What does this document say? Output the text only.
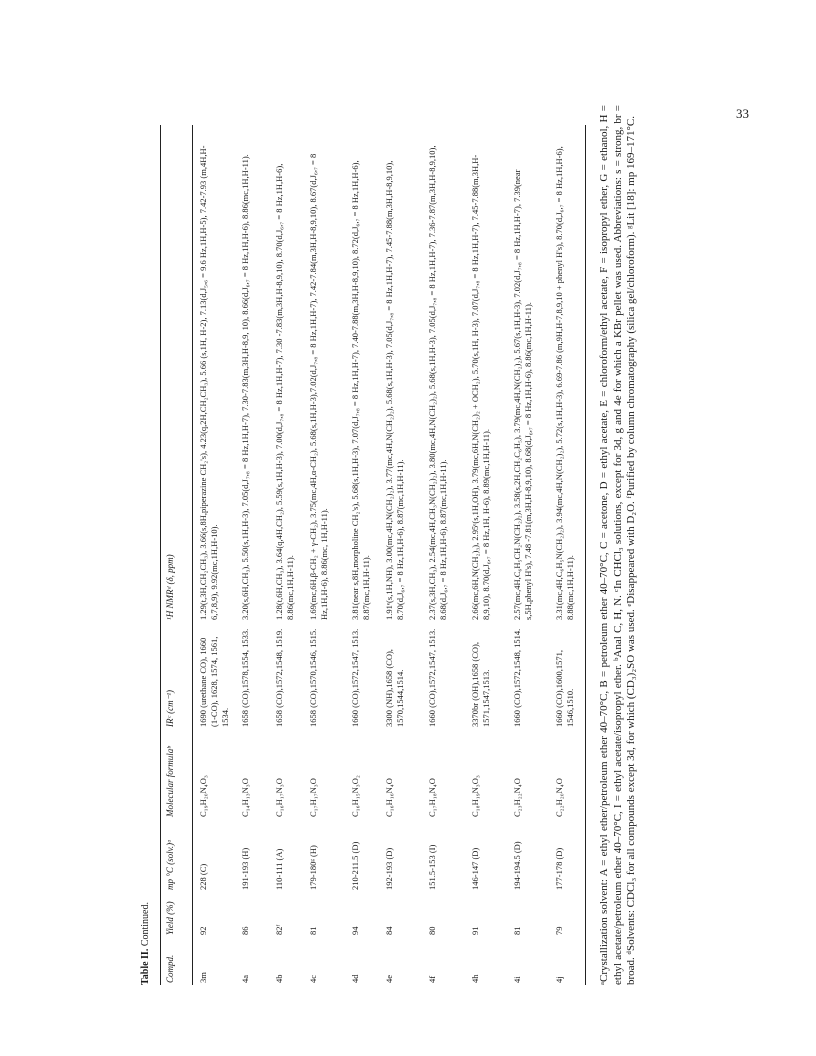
33
Table II. Continued.
Compd.
Yield (%)
mp °C (solv.)ᵃ
Molecular formulaᵇ
IRᶜ (cm⁻¹)
¹H NMRᵈ (δ, ppm)
3m
92
228 (C)
C₁₉H₂₀N₄O₃
1690 (urethane CO), 1660 (1-CO), 1628, 1574, 1561, 1534.
1.29(t,3H,CH₂CH₃), 3.66(s,8H,piperazine CH₂'s), 4.23(q,2H,CH₂CH₃), 5.66 (s,1H, H-2), 7.13(d,J₅,₆ = 9.6 Hz,1H,H-5), 7.42-7.93 (m,4H,H-6,7,8,9), 9.92(mc,1H,H-10).
4a
86
191-193 (H)
C₁₄H₁₃N₃O
1658 (CO),1578,1554, 1533.
3.20(s,6H,CH₃), 5.50(s,1H,H-3), 7.05(d,J₇,₈ = 8 Hz,1H,H-7), 7.30-7.83(m,3H,H-8,9, 10), 8.66(d,J₆,₇ = 8 Hz,1H,H-6), 8.86(mc,1H,H-11).
4b
82ᶠ
110-111 (A)
C₁₆H₁₇N₃O
1658 (CO),1572,1548, 1519.
1.28(t,6H,CH₃), 3.64(q,4H,CH₂), 5.59(s,1H,H-3), 7.00(d,J₇,₈ = 8 Hz,1H,H-7), 7.30 -7.83(m,3H,H-8,9,10), 8.70(d,J₆,₇ = 8 Hz,1H,H-6), 8.86(mc,1H,H-11).
4c
81
179-180ᵍ (H)
C₁₇H₁₇N₃O
1658 (CO),1570,1546, 1515.
1.69(mc,6H,β-CH₂ + γ-CH₂), 3.75(mc,4H,α-CH₂), 5.68(s,1H,H-3),7.02(d,J₇,₈ = 8 Hz,1H,H-7), 7.42-7.84(m,3H,H-8,9,10), 8.67(d,J₆,₇ = 8 Hz,1H,H-6), 8.86(mc, 1H,H-11).
4d
94
210-211.5 (D)
C₁₆H₁₅N₃O₂
1660 (CO),1572,1547, 1513.
3.81(near s,8H,morpholine CH₂'s), 5.68(s,1H,H-3), 7.07(d,J₇,₈ = 8 Hz,1H,H-7), 7.40-7.88(m,3H,H-8,9,10), 8.72(d,J₆,₇ = 8 Hz,1H,H-6), 8.87(mc,1H,H-11).
4e
84
192-193 (D)
C₁₆H₁₆N₄O
3300 (NH),1658 (CO), 1570,1544,1514.
1.91ᵉ(s,1H,NH), 3.00(mc,4H,N(CH₂)₂), 3.77(mc,4H,N(CH₂)₂), 5.68(s,1H,H-3), 7.05(d,J₇,₈ = 8 Hz,1H,H-7), 7.45-7.88(m,3H,H-8,9,10), 8.70(d,J₆,₇ = 8 Hz,1H,H-6), 8.87(mc,1H,H-11).
4f
80
151.5-153 (I)
C₁₇H₁₈N₄O
1660 (CO),1572,1547, 1513.
2.37(s,3H,CH₃), 2.54(mc,4H,CH₃N(CH₂)₂), 3.80(mc,4H,N(CH₂)₂), 5.68(s,1H,H-3), 7.05(d,J₇,₈ = 8 Hz,1H,H-7), 7.36-7.87(m,3H,H-8,9,10), 8.68(d,J₆,₇ = 8 Hz,1H,H-6), 8.87(mc,1H,H-11).
4h
91
146-147 (D)
C₁₈H₁₉N₃O₃
3370br (OH),1658 (CO), 1571,1547,1513.
2.66(mc,6H,N(CH₂)₃), 2.95ᵉ(s,1H,OH), 3.79(mc,6H,N(CH₂)₂ + OCH₂), 5.70(s,1H, H-3), 7.07(d,J₇,₈ = 8 Hz,1H,H-7), 7.45-7.88(m,3H,H-8,9,10), 8.70(d,J₆,₇ = 8 Hz,1H, H-6), 8.89(mc,1H,H-11).
4i
81
194-194.5 (D)
C₂₃H₂₂N₄O
1660 (CO),1572,1548, 1514.
2.57(mc,4H,C₆H₅CH₂N(CH₂)₂), 3.58(s,2H,CH₂C₆H₅), 3.79(mc,4H,N(CH₂)₂), 5.67(s,1H,H-3), 7.02(d,J₇,₈ = 8 Hz,1H,H-7), 7.39(near s,5H,phenyl H's), 7.48 -7.81(m,3H,H-8,9,10), 8.68(d,J₆,₇ = 8 Hz,1H,H-6), 8.86(mc,1H,H-11).
4j
79
177-178 (D)
C₂₂H₂₀N₄O
1660 (CO),1600,1571, 1546,1510.
3.31(mc,4H,C₆H₅N(CH₂)₂), 3.94(mc,4H,N(CH₂)₂), 5.72(s,1H,H-3), 6.69-7.86 (m,9H,H-7,8,9,10 + phenyl H's), 8.70(d,J₆,₇ = 8 Hz,1H,H-6), 8.88(mc,1H,H-11). ᵃCrystallization solvent: A = ethyl ether/petroleum ether 40–70°C, B = petroleum ether 40–70°C, C = acetone, D = ethyl acetate, E = chloroform/ethyl acetate, F = isopropyl ether, G = ethanol, H = ethyl acetate/petroleum ether 40–70°C, I = ethyl acetate/isopropyl ether. ᵇAnal C, H, N. ᶜIn CHCl₃ solutions, except for 3d, g and 4e for which a KBr pellet was used. Abbreviations: s = strong, br = broad. ᵈSolvents: CDCl₃ for all compounds except 3d, for which (CD₃)₂SO was used. ᵉDisappeared with D₂O. ᶠPurified by column chromatography (silica gel/chloroform). ᵍLit [18]: mp 169–171°C.
